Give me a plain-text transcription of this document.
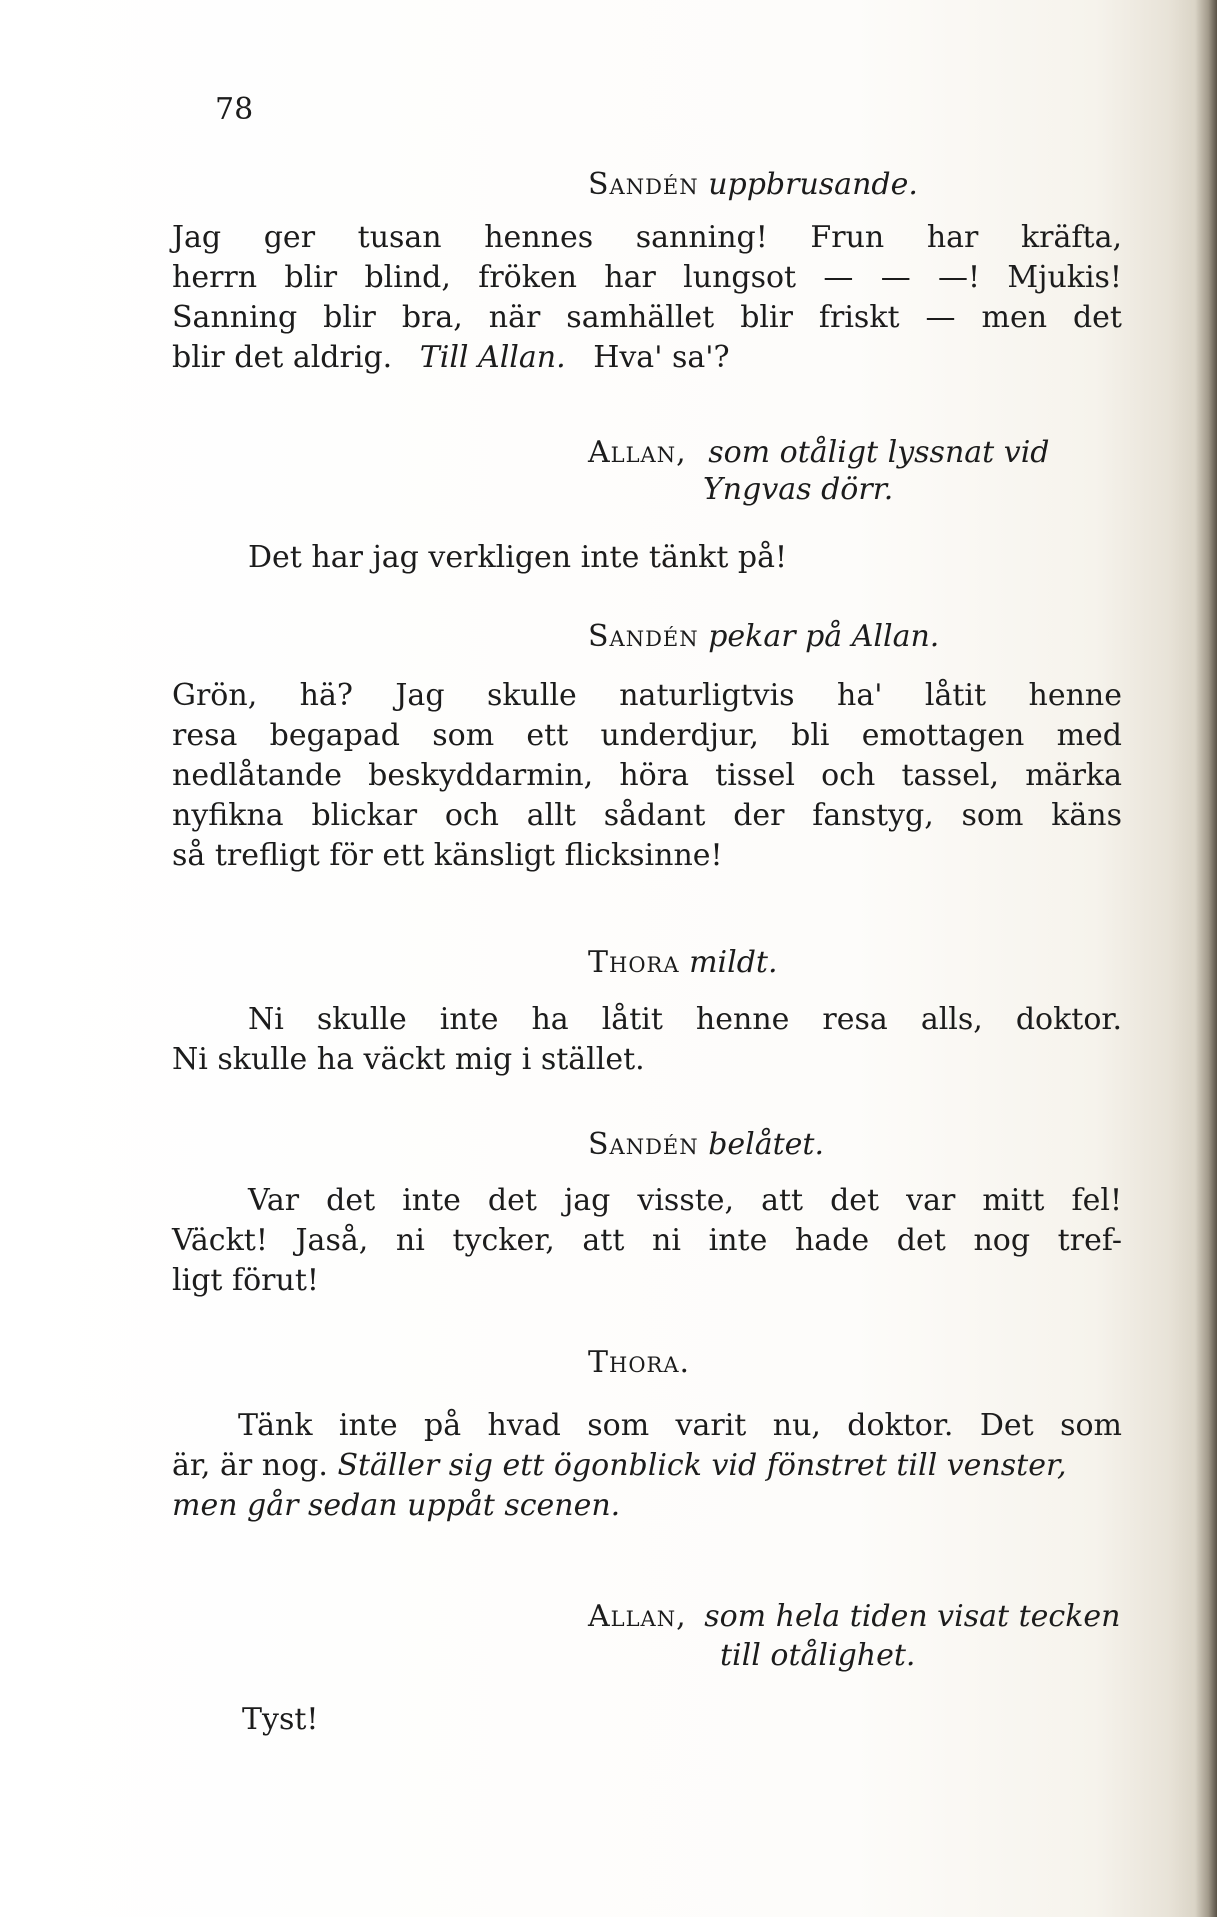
78
Sandén uppbrusande.
Jag ger tusan hennes sanning! Frun har kräfta,
herrn blir blind, fröken har lungsot — — —! Mjukis!
Sanning blir bra, när samhället blir friskt — men det
blir det aldrig. Till Allan. Hva' sa'?
Allan, som otåligt lyssnat vid
Yngvas dörr.
Det har jag verkligen inte tänkt på!
Sandén pekar på Allan.
Grön, hä? Jag skulle naturligtvis ha' låtit henne
resa begapad som ett underdjur, bli emottagen med
nedlåtande beskyddarmin, höra tissel och tassel, märka
nyfikna blickar och allt sådant der fanstyg, som käns
så trefligt för ett känsligt flicksinne!
Thora mildt.
Ni skulle inte ha låtit henne resa alls, doktor.
Ni skulle ha väckt mig i stället.
Sandén belåtet.
Var det inte det jag visste, att det var mitt fel!
Väckt! Jaså, ni tycker, att ni inte hade det nog tref-
ligt förut!
Thora.
Tänk inte på hvad som varit nu, doktor. Det som
är, är nog. Ställer sig ett ögonblick vid fönstret till venster,
men går sedan uppåt scenen.
Allan, som hela tiden visat tecken
till otålighet.
Tyst!
